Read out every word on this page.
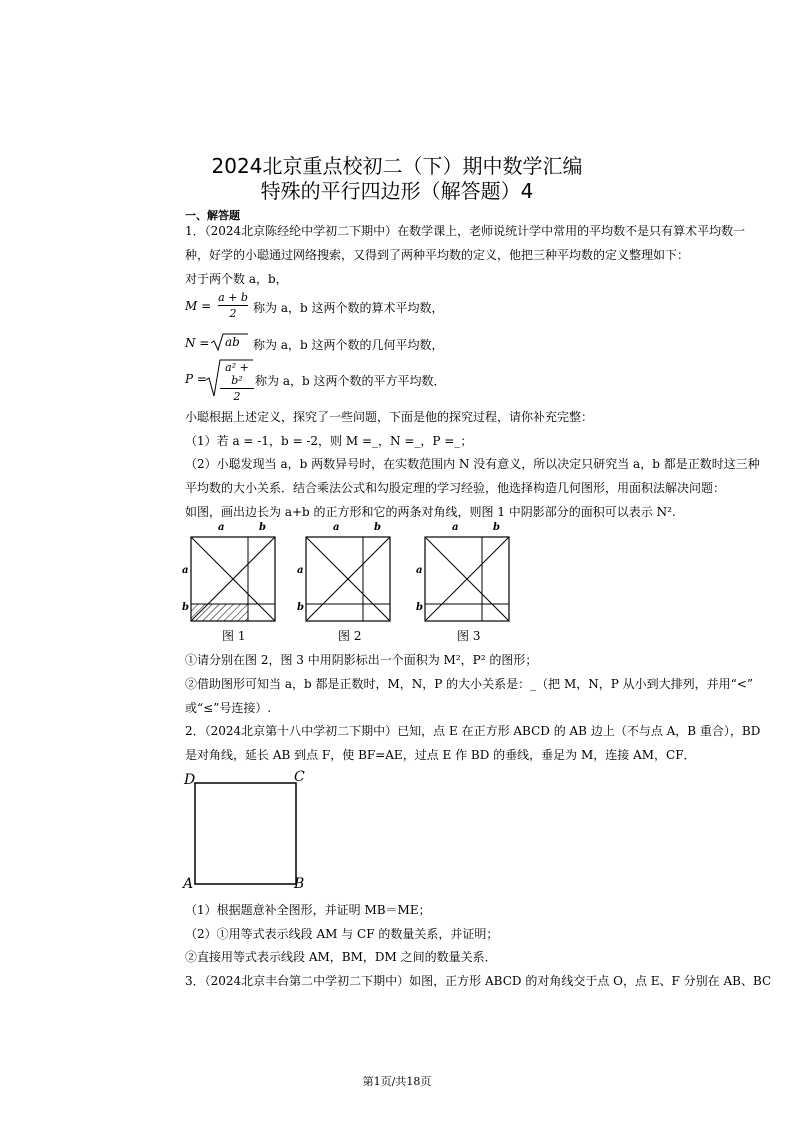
2024北京重点校初二（下）期中数学汇编
特殊的平行四边形（解答题）4
一、解答题
1．（2024北京陈经纶中学初二下期中）在数学课上，老师说统计学中常用的平均数不是只有算术平均数一
种，好学的小聪通过网络搜索，又得到了两种平均数的定义，他把三种平均数的定义整理如下：
对于两个数 a，b，
$M = \frac{a + b}{2}$ 称为 a，b 这两个数的算术平均数，
N = ab 称为 a，b 这两个数的几何平均数，
$P = \frac{\text{a² + b²}}{2}$ 称为 a，b 这两个数的平方平均数．
小聪根据上述定义，探究了一些问题，下面是他的探究过程，请你补充完整：
（1）若 a = -1，b = -2，则 M =_，N =_，P =_；
（2）小聪发现当 a，b 两数异号时，在实数范围内 N 没有意义，所以决定只研究当 a，b 都是正数时这三种
平均数的大小关系．结合乘法公式和勾股定理的学习经验，他选择构造几何图形，用面积法解决问题：
如图，画出边长为 a+b 的正方形和它的两条对角线，则图 1 中阴影部分的面积可以表示 N².
a	b
a
b
图 1
a	b
a
b
图 2
a	b
a
b
图 3
①请分别在图 2，图 3 中用阴影标出一个面积为 M²，P² 的图形；
②借助图形可知当 a，b 都是正数时，M，N，P 的大小关系是：_（把 M，N，P 从小到大排列，并用“<”
或“≤”号连接）.
2．（2024北京第十八中学初二下期中）已知，点 E 在正方形 ABCD 的 AB 边上（不与点 A，B 重合），BD
是对角线，延长 AB 到点 F，使 BF=AE，过点 E 作 BD 的垂线，垂足为 M，连接 AM，CF．
D	C
A	B
（1）根据题意补全图形，并证明 MB＝ME；
（2）①用等式表示线段 AM 与 CF 的数量关系，并证明；
②直接用等式表示线段 AM，BM，DM 之间的数量关系．
3．（2024北京丰台第二中学初二下期中）如图，正方形 ABCD 的对角线交于点 O，点 E、F 分别在 AB、BC
第1页/共18页
